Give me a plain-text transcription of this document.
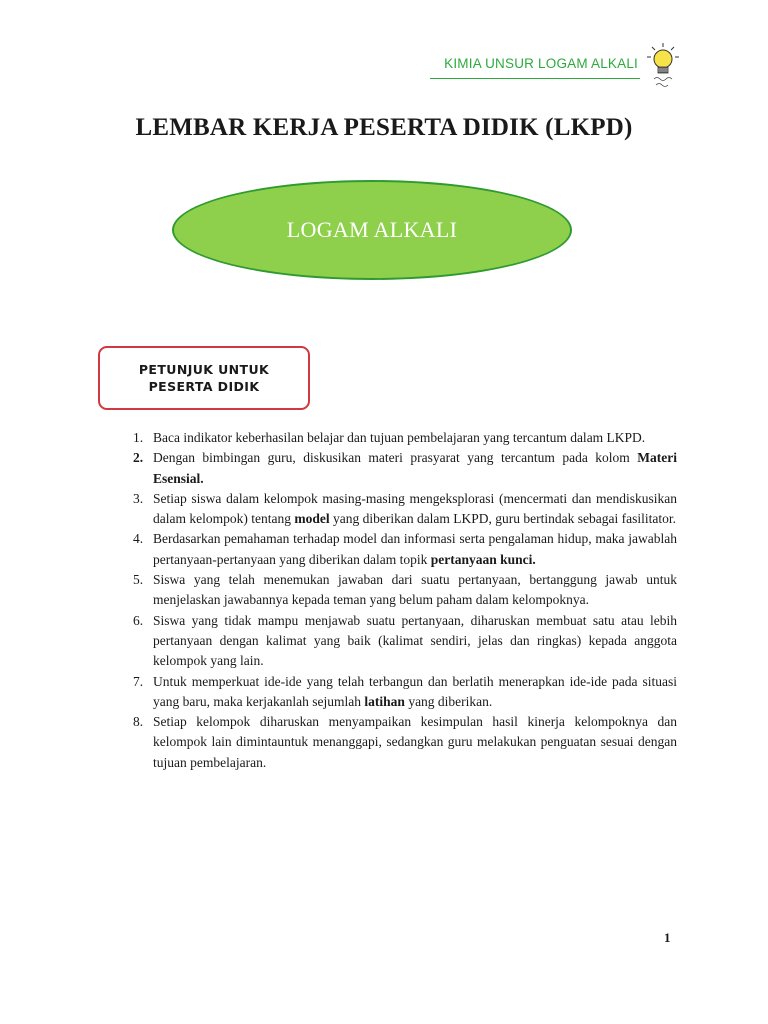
KIMIA UNSUR LOGAM ALKALI
LEMBAR KERJA PESERTA DIDIK (LKPD)
LOGAM ALKALI
PETUNJUK UNTUK
PESERTA DIDIK
1. Baca indikator keberhasilan belajar dan tujuan pembelajaran yang tercantum dalam LKPD.
2. Dengan bimbingan guru, diskusikan materi prasyarat yang tercantum pada kolom Materi Esensial.
3. Setiap siswa dalam kelompok masing-masing mengeksplorasi (mencermati dan mendiskusikan dalam kelompok) tentang model yang diberikan dalam LKPD, guru bertindak sebagai fasilitator.
4. Berdasarkan pemahaman terhadap model dan informasi serta pengalaman hidup, maka jawablah pertanyaan-pertanyaan yang diberikan dalam topik pertanyaan kunci.
5. Siswa yang telah menemukan jawaban dari suatu pertanyaan, bertanggung jawab untuk menjelaskan jawabannya kepada teman yang belum paham dalam kelompoknya.
6. Siswa yang tidak mampu menjawab suatu pertanyaan, diharuskan membuat satu atau lebih pertanyaan dengan kalimat yang baik (kalimat sendiri, jelas dan ringkas) kepada anggota kelompok yang lain.
7. Untuk memperkuat ide-ide yang telah terbangun dan berlatih menerapkan ide-ide pada situasi yang baru, maka kerjakanlah sejumlah latihan yang diberikan.
8. Setiap kelompok diharuskan menyampaikan kesimpulan hasil kinerja kelompoknya dan kelompok lain dimintauntuk menanggapi, sedangkan guru melakukan penguatan sesuai dengan tujuan pembelajaran.
1
